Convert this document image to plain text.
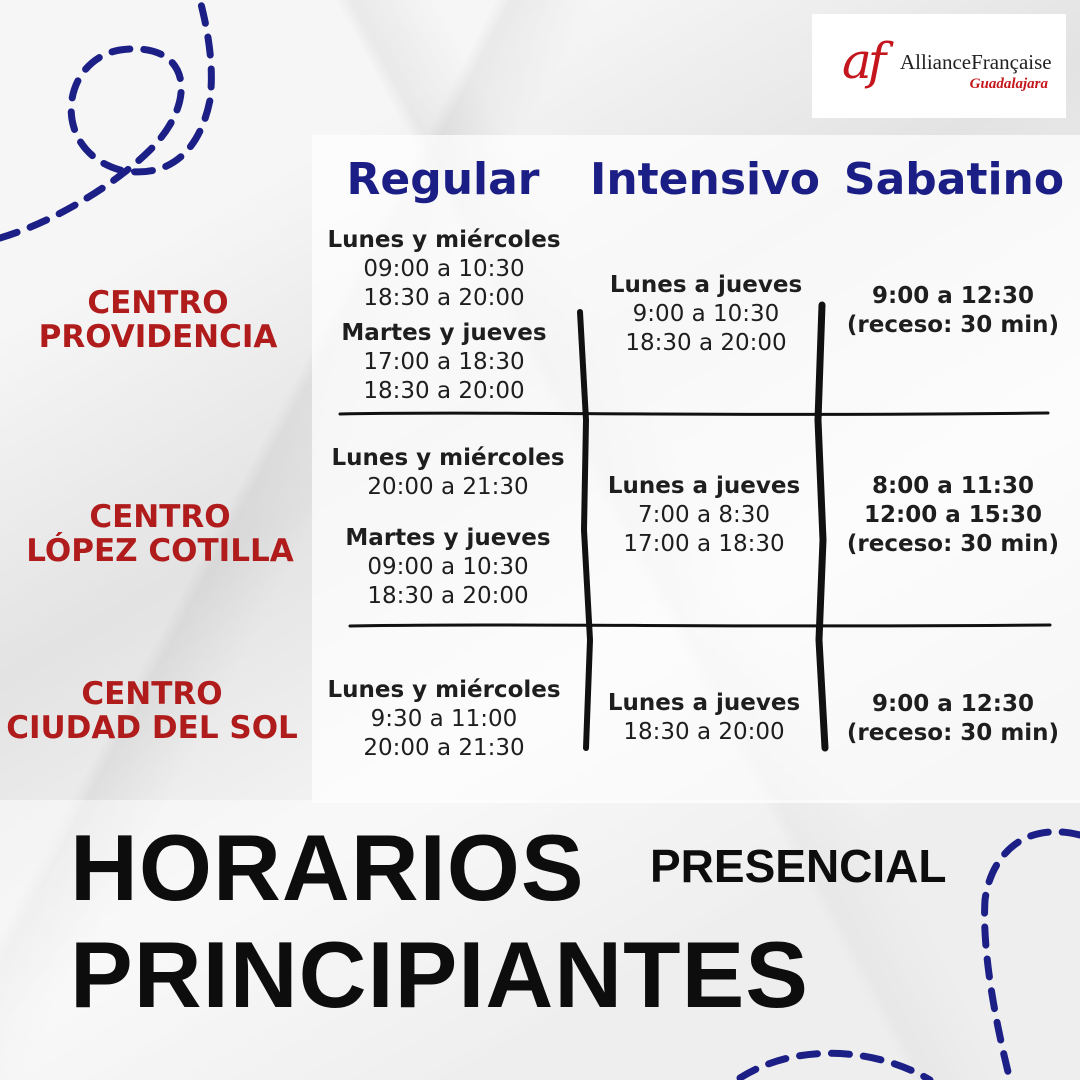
af AllianceFrançaise
Guadalajara
Regular	Intensivo Sabatino
CENTRO
PROVIDENCIA
Lunes y miércoles
09:00 a 10:30
18:30 a 20:00
Martes y jueves
17:00 a 18:30
18:30 a 20:00
Lunes a jueves
9:00 a 10:30
18:30 a 20:00
9:00 a 12:30
(receso: 30 min)
CENTRO
LÓPEZ COTILLA
Lunes y miércoles
20:00 a 21:30
Martes y jueves
09:00 a 10:30
18:30 a 20:00
Lunes a jueves
7:00 a 8:30
17:00 a 18:30
8:00 a 11:30
12:00 a 15:30
(receso: 30 min)
CENTRO
CIUDAD DEL SOL
Lunes y miércoles
9:30 a 11:00
20:00 a 21:30
Lunes a jueves
18:30 a 20:00
9:00 a 12:30
(receso: 30 min)
HORARIOS PRESENCIAL
PRINCIPIANTES
